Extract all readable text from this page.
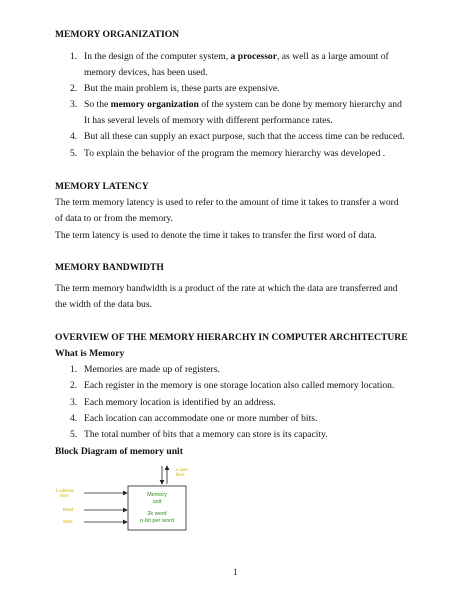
MEMORY ORGANIZATION
1. In the design of the computer system, a processor, as well as a large amount of
memory devices, has been used.
2. But the main problem is, these parts are expensive.
3. So the memory organization of the system can be done by memory hierarchy and
It has several levels of memory with different performance rates.
4. But all these can supply an exact purpose, such that the access time can be reduced.
5. To explain the behavior of the program the memory hierarchy was developed .
MEMORY LATENCY
The term memory latency is used to refer to the amount of time it takes to transfer a word
of data to or from the memory.
The term latency is used to denote the time it takes to transfer the first word of data.
MEMORY BANDWIDTH
The term memory bandwidth is a product of the rate at which the data are transferred and
the width of the data bus.
OVERVIEW OF THE MEMORY HIERARCHY IN COMPUTER ARCHITECTURE
What is Memory
1. Memories are made up of registers.
2. Each register in the memory is one storage location also called memory location.
3. Each memory location is identified by an address.
4. Each location can accommodate one or more number of bits.
5. The total number of bits that a memory can store is its capacity.
Block Diagram of memory unit
n data
lines
Memory
unit
2k word
n-bit per word
k address
lines
Read
Write
1
